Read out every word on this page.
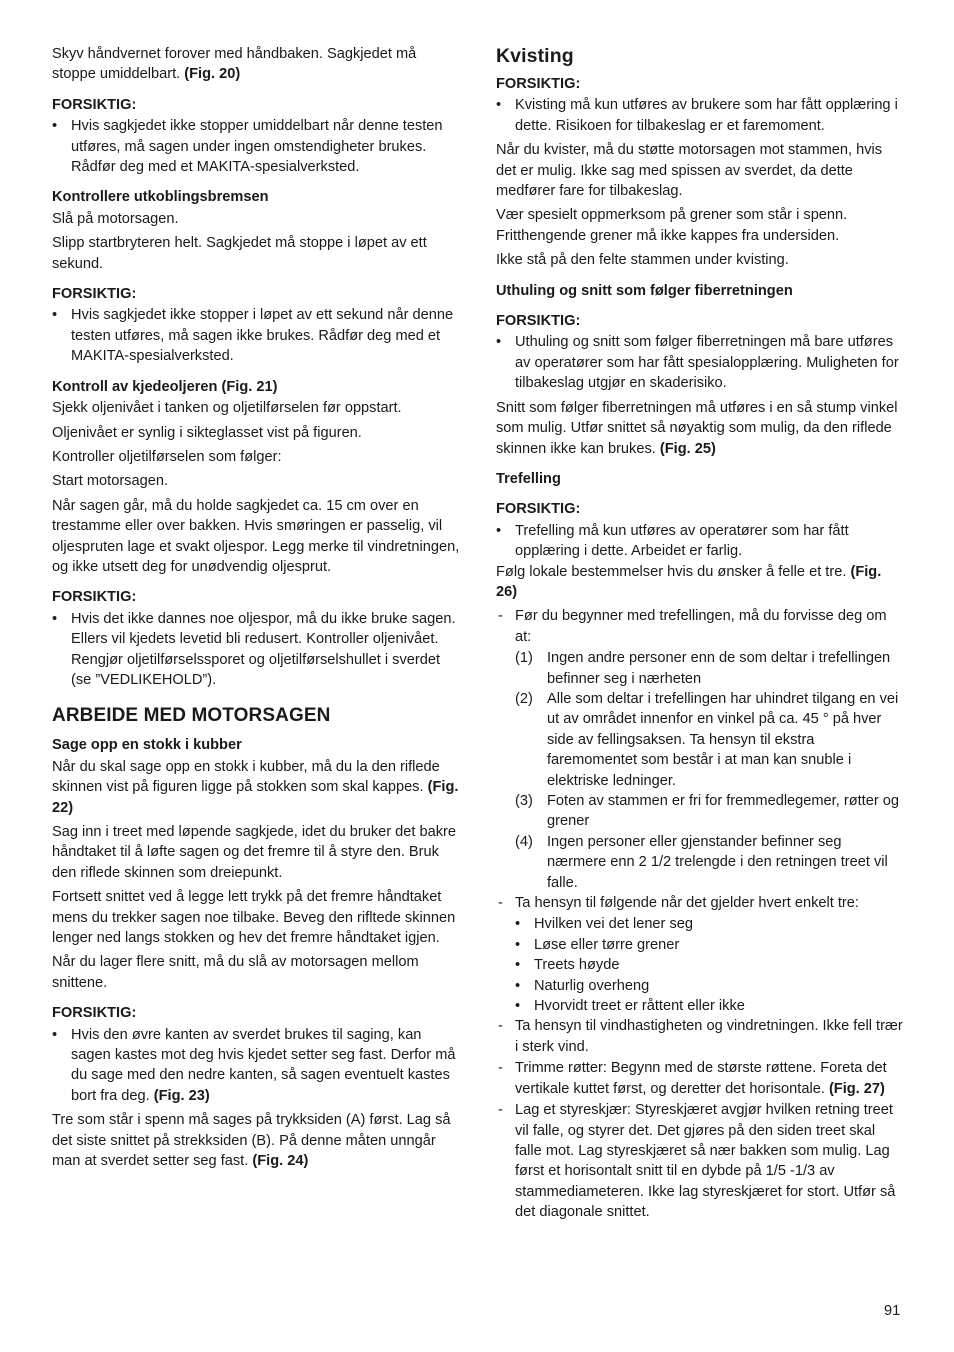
Skyv håndvernet forover med håndbaken. Sagkjedet må stoppe umiddelbart. (Fig. 20)

FORSIKTIG:
• Hvis sagkjedet ikke stopper umiddelbart når denne testen utføres, må sagen under ingen omstendigheter brukes. Rådfør deg med et MAKITA-spesialverksted.
Kontrollere utkoblingsbremsen

Slå på motorsagen.

Slipp startbryteren helt. Sagkjedet må stoppe i løpet av ett sekund.

FORSIKTIG:
• Hvis sagkjedet ikke stopper i løpet av ett sekund når denne testen utføres, må sagen ikke brukes. Rådfør deg med et MAKITA-spesialverksted.
Kontroll av kjedeoljeren (Fig. 21)

Sjekk oljenivået i tanken og oljetilførselen før oppstart.

Oljenivået er synlig i sikteglasset vist på figuren.

Kontroller oljetilførselen som følger:

Start motorsagen.

Når sagen går, må du holde sagkjedet ca. 15 cm over en trestamme eller over bakken. Hvis smøringen er passelig, vil oljespruten lage et svakt oljespor. Legg merke til vindretningen, og ikke utsett deg for unødvendig oljesprut.

FORSIKTIG:
• Hvis det ikke dannes noe oljespor, må du ikke bruke sagen. Ellers vil kjedets levetid bli redusert. Kontroller oljenivået. Rengjør oljetilførselssporet og oljetilførselshullet i sverdet (se ”VEDLIKEHOLD”).
ARBEIDE MED MOTORSAGEN
Sage opp en stokk i kubber

Når du skal sage opp en stokk i kubber, må du la den riflede skinnen vist på figuren ligge på stokken som skal kappes. (Fig. 22)

Sag inn i treet med løpende sagkjede, idet du bruker det bakre håndtaket til å løfte sagen og det fremre til å styre den. Bruk den riflede skinnen som dreiepunkt.

Fortsett snittet ved å legge lett trykk på det fremre håndtaket mens du trekker sagen noe tilbake. Beveg den rifltede skinnen lenger ned langs stokken og hev det fremre håndtaket igjen.

Når du lager flere snitt, må du slå av motorsagen mellom snittene.

FORSIKTIG:
• Hvis den øvre kanten av sverdet brukes til saging, kan sagen kastes mot deg hvis kjedet setter seg fast. Derfor må du sage med den nedre kanten, så sagen eventuelt kastes bort fra deg. (Fig. 23)

Tre som står i spenn må sages på trykksiden (A) først. Lag så det siste snittet på strekksiden (B). På denne måten unngår man at sverdet setter seg fast. (Fig. 24)

Kvisting
FORSIKTIG:
• Kvisting må kun utføres av brukere som har fått opplæring i dette. Risikoen for tilbakeslag er et faremoment.

Når du kvister, må du støtte motorsagen mot stammen, hvis det er mulig. Ikke sag med spissen av sverdet, da dette medfører fare for tilbakeslag.

Vær spesielt oppmerksom på grener som står i spenn. Fritthengende grener må ikke kappes fra undersiden.

Ikke stå på den felte stammen under kvisting.

Uthuling og snitt som følger fiberretningen
FORSIKTIG:
• Uthuling og snitt som følger fiberretningen må bare utføres av operatører som har fått spesialopplæring. Muligheten for tilbakeslag utgjør en skaderisiko.

Snitt som følger fiberretningen må utføres i en så stump vinkel som mulig. Utfør snittet så nøyaktig som mulig, da den riflede skinnen ikke kan brukes. (Fig. 25)

Trefelling
FORSIKTIG:
• Trefelling må kun utføres av operatører som har fått opplæring i dette. Arbeidet er farlig.

Følg lokale bestemmelser hvis du ønsker å felle et tre. (Fig. 26)

- Før du begynner med trefellingen, må du forvisse deg om at:
(1) Ingen andre personer enn de som deltar i trefellingen befinner seg i nærheten
(2) Alle som deltar i trefellingen har uhindret tilgang en vei ut av området innenfor en vinkel på ca. 45 ° på hver side av fellingsaksen. Ta hensyn til ekstra faremomentet som består i at man kan snuble i elektriske ledninger.
(3) Foten av stammen er fri for fremmedlegemer, røtter og grener
(4) Ingen personer eller gjenstander befinner seg nærmere enn 2 1/2 trelengde i den retningen treet vil falle.
- Ta hensyn til følgende når det gjelder hvert enkelt tre:
• Hvilken vei det lener seg
• Løse eller tørre grener
• Treets høyde
• Naturlig overheng
• Hvorvidt treet er råttent eller ikke
- Ta hensyn til vindhastigheten og vindretningen. Ikke fell trær i sterk vind.
- Trimme røtter: Begynn med de største røttene. Foreta det vertikale kuttet først, og deretter det horisontale. (Fig. 27)
- Lag et styreskjær: Styreskjæret avgjør hvilken retning treet vil falle, og styrer det. Det gjøres på den siden treet skal falle mot. Lag styreskjæret så nær bakken som mulig. Lag først et horisontalt snitt til en dybde på 1/5 -1/3 av stammediameteren. Ikke lag styreskjæret for stort. Utfør så det diagonale snittet.
91
